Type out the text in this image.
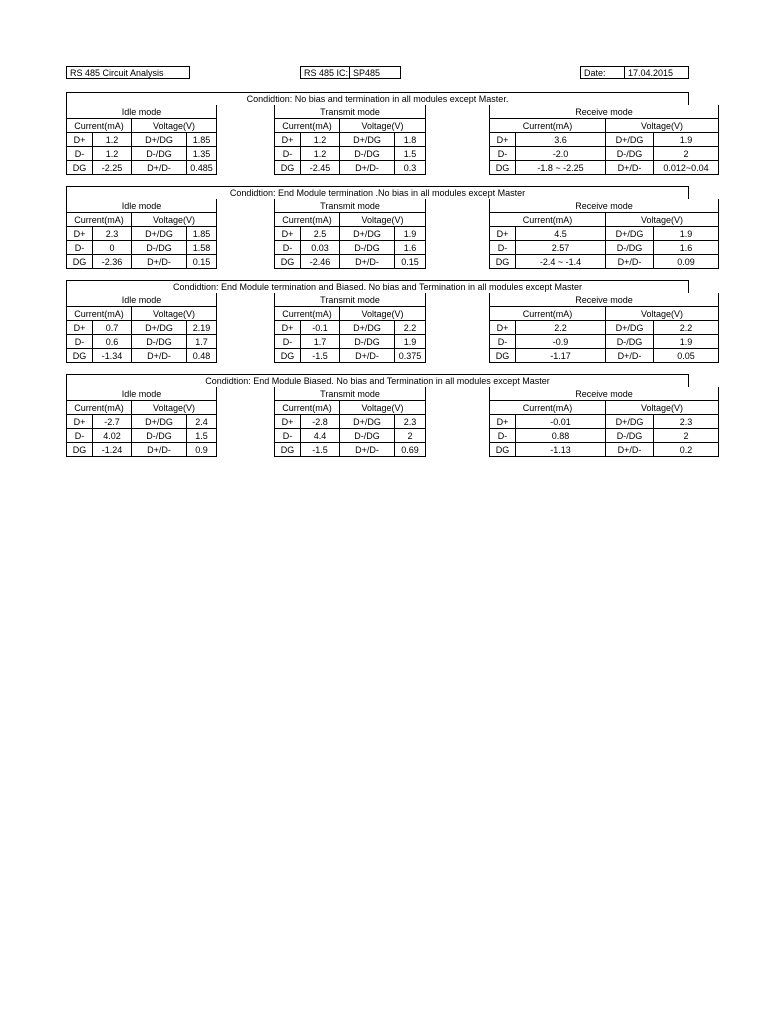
RS 485 Circuit Analysis	RS 485 IC: SP485	Date:	17.04.2015
Condidtion: No bias and termination in all modules except Master.
Idle mode			
Current(mA)		Voltage(V)	
D+	1.2	D+/DG	1.85
D-	1.2	D-/DG	1.35
DG	-2.25	D+/D-	0.485
Transmit mode			
Current(mA)		Voltage(V)	
D+	1.2	D+/DG	1.8
D-	1.2	D-/DG	1.5
DG	-2.45	D+/D-	0.3
Receive mode			
Current(mA)		Voltage(V)	
D+	3.6	D+/DG	1.9
D-	-2.0	D-/DG	2
DG	-1.8 ~ -2.25	D+/D-	0.012~0.04
Condidtion: End Module termination .No bias in all modules except Master
Idle mode			
Current(mA)		Voltage(V)	
D+	2.3	D+/DG	1.85
D-	0	D-/DG	1.58
DG	-2.36	D+/D-	0.15
Transmit mode			
Current(mA)		Voltage(V)	
D+	2.5	D+/DG	1.9
D-	0.03	D-/DG	1.6
DG	-2.46	D+/D-	0.15
Receive mode			
Current(mA)		Voltage(V)	
D+	4.5	D+/DG	1.9
D-	2.57	D-/DG	1.6
DG	-2.4 ~ -1.4	D+/D-	0.09
Condidtion: End Module termination and Biased. No bias and Termination in all modules except Master
Idle mode			
Current(mA)		Voltage(V)	
D+	0.7	D+/DG	2.19
D-	0.6	D-/DG	1.7
DG	-1.34	D+/D-	0.48
Transmit mode			
Current(mA)		Voltage(V)	
D+	-0.1	D+/DG	2.2
D-	1.7	D-/DG	1.9
DG	-1.5	D+/D-	0.375
Receive mode			
Current(mA)		Voltage(V)	
D+	2.2	D+/DG	2.2
D-	-0.9	D-/DG	1.9
DG	-1.17	D+/D-	0.05
Condidtion: End Module Biased. No bias and Termination in all modules except Master
Idle mode			
Current(mA)		Voltage(V)	
D+	-2.7	D+/DG	2.4
D-	4.02	D-/DG	1.5
DG	-1.24	D+/D-	0.9
Transmit mode			
Current(mA)		Voltage(V)	
D+	-2.8	D+/DG	2.3
D-	4.4	D-/DG	2
DG	-1.5	D+/D-	0.69
Receive mode			
Current(mA)		Voltage(V)	
D+	-0.01	D+/DG	2.3
D-	0.88	D-/DG	2
DG	-1.13	D+/D-	0.2
